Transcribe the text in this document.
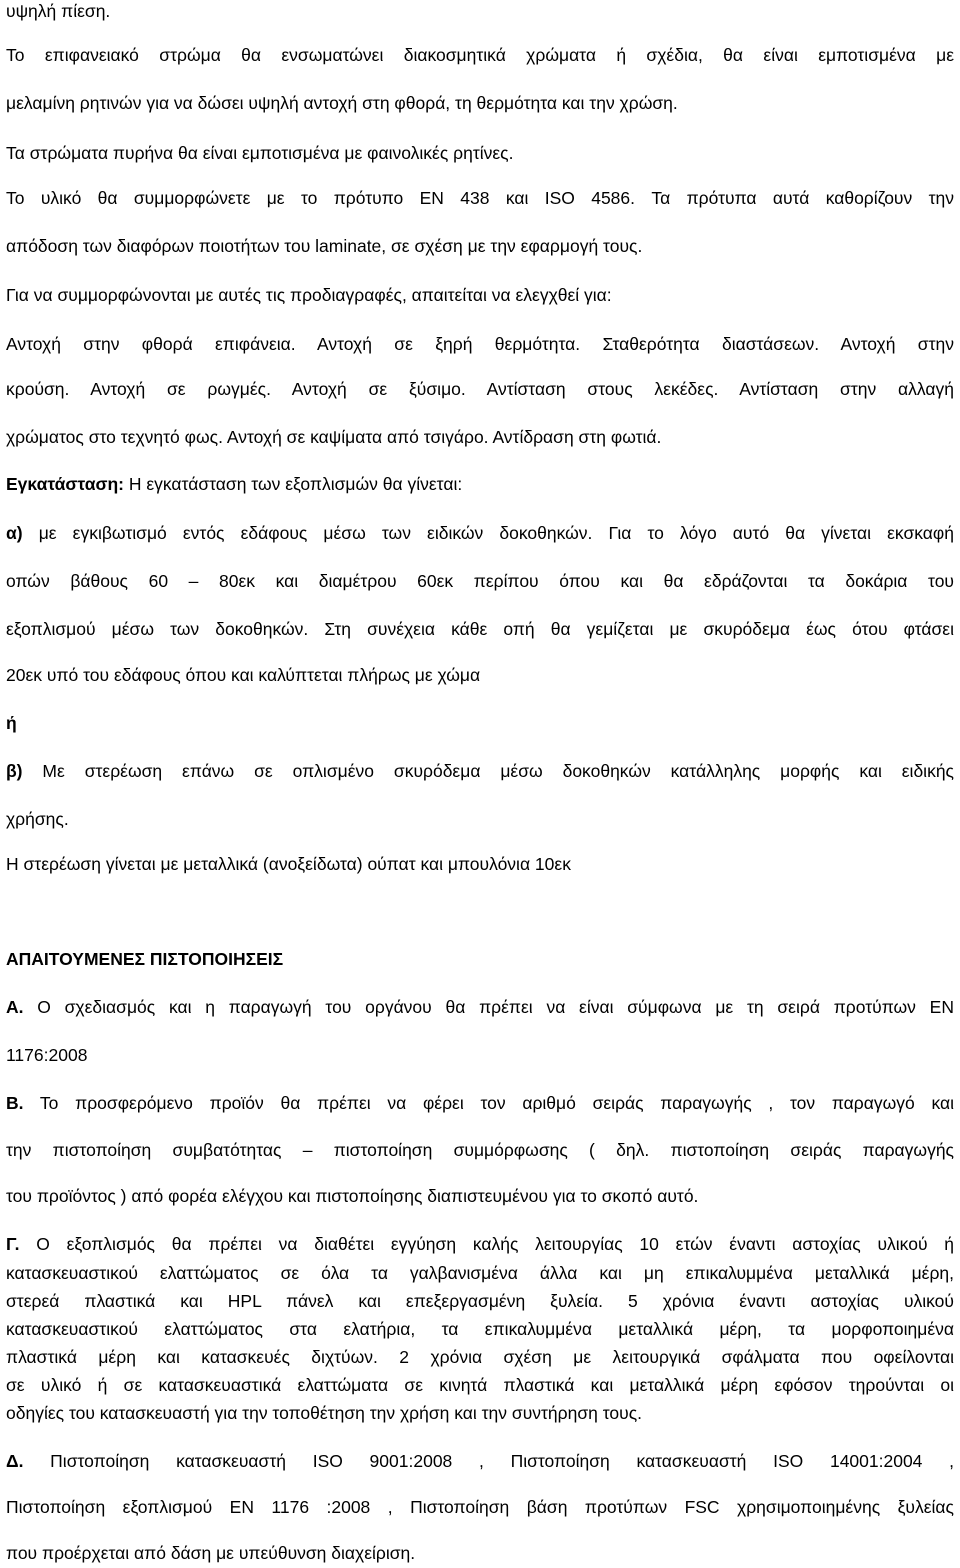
υψηλή πίεση.
Το επιφανειακό στρώμα θα ενσωματώνει διακοσμητικά χρώματα ή σχέδια, θα είναι εμποτισμένα με
μελαμίνη ρητινών για να δώσει υψηλή αντοχή στη φθορά, τη θερμότητα και την χρώση.
Τα στρώματα πυρήνα θα είναι εμποτισμένα με φαινολικές ρητίνες.
Το υλικό θα συμμορφώνετε με το πρότυπο EN 438 και ISO 4586. Τα πρότυπα αυτά καθορίζουν την
απόδοση των διαφόρων ποιοτήτων του laminate, σε σχέση με την εφαρμογή τους.
Για να συμμορφώνονται με αυτές τις προδιαγραφές, απαιτείται να ελεγχθεί για:
Αντοχή στην φθορά επιφάνεια. Αντοχή σε ξηρή θερμότητα. Σταθερότητα διαστάσεων. Αντοχή στην
κρούση. Αντοχή σε ρωγμές. Αντοχή σε ξύσιμο. Αντίσταση στους λεκέδες. Αντίσταση στην αλλαγή
χρώματος στο τεχνητό φως. Αντοχή σε καψίματα από τσιγάρο. Αντίδραση στη φωτιά.
Εγκατάσταση: Η εγκατάσταση των εξοπλισμών θα γίνεται:
α) με εγκιβωτισμό εντός εδάφους μέσω των ειδικών δοκοθηκών. Για το λόγο αυτό θα γίνεται εκσκαφή
οπών βάθους 60 – 80εκ και διαμέτρου 60εκ περίπου όπου και θα εδράζονται τα δοκάρια του
εξοπλισμού μέσω των δοκοθηκών. Στη συνέχεια κάθε οπή θα γεμίζεται με σκυρόδεμα έως ότου φτάσει
20εκ υπό του εδάφους όπου και καλύπτεται πλήρως με χώμα
ή
β) Με στερέωση επάνω σε οπλισμένο σκυρόδεμα μέσω δοκοθηκών κατάλληλης μορφής και ειδικής
χρήσης.
Η στερέωση γίνεται με μεταλλικά (ανοξείδωτα) ούπατ και μπουλόνια 10εκ
ΑΠΑΙΤΟΥΜΕΝΕΣ ΠΙΣΤΟΠΟΙΗΣΕΙΣ
Α. Ο σχεδιασμός και η παραγωγή του οργάνου θα πρέπει να είναι σύμφωνα με τη σειρά προτύπων EN
1176:2008
Β. Το προσφερόμενο προϊόν θα πρέπει να φέρει τον αριθμό σειράς παραγωγής , τον παραγωγό και
την πιστοποίηση συμβατότητας – πιστοποίηση συμμόρφωσης ( δηλ. πιστοποίηση σειράς παραγωγής
του προϊόντος ) από φορέα ελέγχου και πιστοποίησης διαπιστευμένου για το σκοπό αυτό.
Γ. Ο εξοπλισμός θα πρέπει να διαθέτει εγγύηση καλής λειτουργίας 10 ετών έναντι αστοχίας υλικού ή
κατασκευαστικού ελαττώματος σε όλα τα γαλβανισμένα άλλα και μη επικαλυμμένα μεταλλικά μέρη,
στερεά πλαστικά και HPL πάνελ και επεξεργασμένη ξυλεία. 5 χρόνια έναντι αστοχίας υλικού
κατασκευαστικού ελαττώματος στα ελατήρια, τα επικαλυμμένα μεταλλικά μέρη, τα μορφοποιημένα
πλαστικά μέρη και κατασκευές διχτύων. 2 χρόνια σχέση με λειτουργικά σφάλματα που οφείλονται
σε υλικό ή σε κατασκευαστικά ελαττώματα σε κινητά πλαστικά και μεταλλικά μέρη εφόσον τηρούνται οι
οδηγίες του κατασκευαστή για την τοποθέτηση την χρήση και την συντήρηση τους.
Δ. Πιστοποίηση κατασκευαστή ISO 9001:2008 , Πιστοποίηση κατασκευαστή ISO 14001:2004 ,
Πιστοποίηση εξοπλισμού EN 1176 :2008 , Πιστοποίηση βάση προτύπων FSC χρησιμοποιημένης ξυλείας
που προέρχεται από δάση με υπεύθυνση διαχείριση.
